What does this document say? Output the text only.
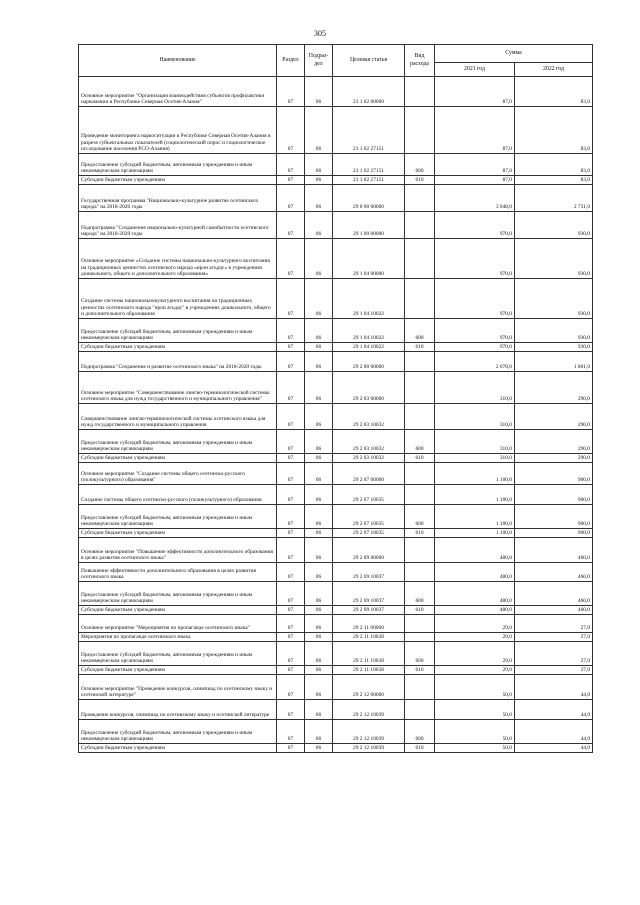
305
Наименование	Раздел	Подраз-дел	Целевая статья	Вид расхода	Сумма	
					2021 год	2022 год
Основное мероприятие "Организация взаимодействия субъектов профилактики наркомании в Республике Северная Осетия-Алания"	07	06	21 1 02 00000		87,0	83,0
Проведение мониторинга наркоситуации в Республике Северная Осетия-Алания в разрезе субъектальных показателей (социологический опрос и социологическое исследование населения РСО-Алания)	07	06	21 1 02 27151		87,0	83,0
Предоставление субсидий бюджетным, автономным учреждениям и иным некоммерческим организациям	07	06	21 1 02 27151	600	87,0	83,0
Субсидии бюджетным учреждениям	07	06	21 1 02 27151	610	87,0	83,0
Государственная программа "Национально-культурное развитие осетинского народа" на 2018-2020 годы	07	06	29 0 00 00000		3 048,0	2 731,0
Подпрограмма "Сохранение национально-культурной самобытности осетинского народа" на 2018-2020 годы	07	06	29 1 00 00000		970,0	930,0
Основное мероприятие «Создание системы национально-культурного воспитания на традиционных ценностях осетинского народа «ирон агъдау» в учреждениях дошкольного, общего и дополнительного образования»	07	06	29 1 04 00000		970,0	930,0
Создание системы национальнокультурного воспитания на традиционных ценностях осетинского народа "ирон агъдау" в учреждениях дошкольного, общего и дополнительного образования	07	06	29 1 04 10022		970,0	930,0
Предоставление субсидий бюджетным, автономным учреждениям и иным некоммерческим организациям	07	06	29 1 04 10022	600	970,0	930,0
Субсидии бюджетным учреждениям	07	06	29 1 04 10022	610	970,0	930,0
Подпрограмма "Сохранение и развитие осетинского языка" на 2018-2020 годы	07	06	29 2 00 00000		2 078,0	1 801,0
Основное мероприятие "Совершенствование лингво-терминологической системы осетинского языка для нужд государственного и муниципального управления"	07	06	29 2 03 00000		310,0	290,0
Совершенствование лингво-терминологической системы осетинского языка для нужд государственного и муниципального управления	07	06	29 2 03 10032		310,0	290,0
Предоставление субсидий бюджетным, автономным учреждениям и иным некоммерческим организациям	07	06	29 2 03 10032	600	310,0	290,0
Субсидии бюджетным учреждениям	07	06	29 2 03 10032	610	310,0	290,0
Основное мероприятие "Создание системы общего осетинско-русского (поликультурного) образования"	07	06	29 2 07 00000		1 100,0	900,0
Создание системы общего осетинско-русского (поликультурного) образования	07	06	29 2 07 10035		1 100,0	900,0
Предоставление субсидий бюджетным, автономным учреждениям и иным некоммерческим организациям	07	06	29 2 07 10035	600	1 100,0	900,0
Субсидии бюджетным учреждениям	07	06	29 2 07 10035	610	1 100,0	900,0
Основное мероприятие "Повышение эффективности дополнительного образования в целях развития осетинского языка"	07	06	29 2 09 00000		480,0	460,0
Повышение эффективности дополнительного образования в целях развития осетинского языка	07	06	29 2 09 10037		480,0	460,0
Предоставление субсидий бюджетным, автономным учреждениям и иным некоммерческим организациям	07	06	29 2 09 10037	600	480,0	460,0
Субсидии бюджетным учреждениям	07	06	29 2 09 10037	610	480,0	460,0
Основное мероприятие "Мероприятия по пропаганде осетинского языка"	07	06	29 2 11 00000		29,0	27,0
Мероприятия по пропаганде осетинского языка	07	06	29 2 11 10038		29,0	27,0
Предоставление субсидий бюджетным, автономным учреждениям и иным некоммерческим организациям	07	06	29 2 11 10038	600	29,0	27,0
Субсидии бюджетным учреждениям	07	06	29 2 11 10038	610	29,0	27,0
Основное мероприятие "Проведение конкурсов, олимпиад по осетинскому языку и осетинской литературе"	07	06	29 2 12 00000		50,0	44,0
Проведение конкурсов, олимпиад по осетинскому языку и осетинской литературе	07	06	29 2 12 10039		50,0	44,0
Предоставление субсидий бюджетным, автономным учреждениям и иным некоммерческим организациям	07	06	29 2 12 10039	600	50,0	44,0
Субсидии бюджетным учреждениям	07	06	29 2 12 10039	610	50,0	44,0
